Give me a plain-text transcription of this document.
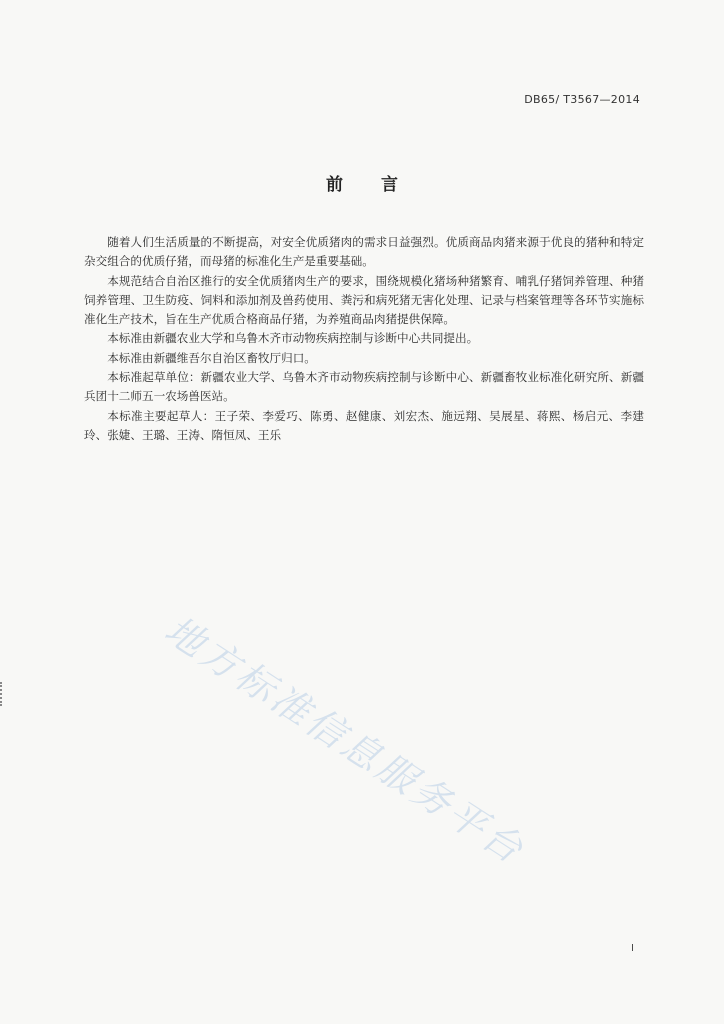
DB65/ T3567—2014
前 言

随着人们生活质量的不断提高，对安全优质猪肉的需求日益强烈。优质商品肉猪来源于优良的猪种和特定杂交组合的优质仔猪，而母猪的标准化生产是重要基础。

本规范结合自治区推行的安全优质猪肉生产的要求，围绕规模化猪场种猪繁育、哺乳仔猪饲养管理、种猪饲养管理、卫生防疫、饲料和添加剂及兽药使用、粪污和病死猪无害化处理、记录与档案管理等各环节实施标准化生产技术，旨在生产优质合格商品仔猪，为养殖商品肉猪提供保障。

本标准由新疆农业大学和乌鲁木齐市动物疾病控制与诊断中心共同提出。

本标准由新疆维吾尔自治区畜牧厅归口。

本标准起草单位：新疆农业大学、乌鲁木齐市动物疾病控制与诊断中心、新疆畜牧业标准化研究所、新疆兵团十二师五一农场兽医站。

本标准主要起草人：王子荣、李爱巧、陈勇、赵健康、刘宏杰、施远翔、吴展星、蒋熙、杨启元、李建玲、张婕、王璐、王涛、隋恒凤、王乐

地方标准信息服务平台
I
